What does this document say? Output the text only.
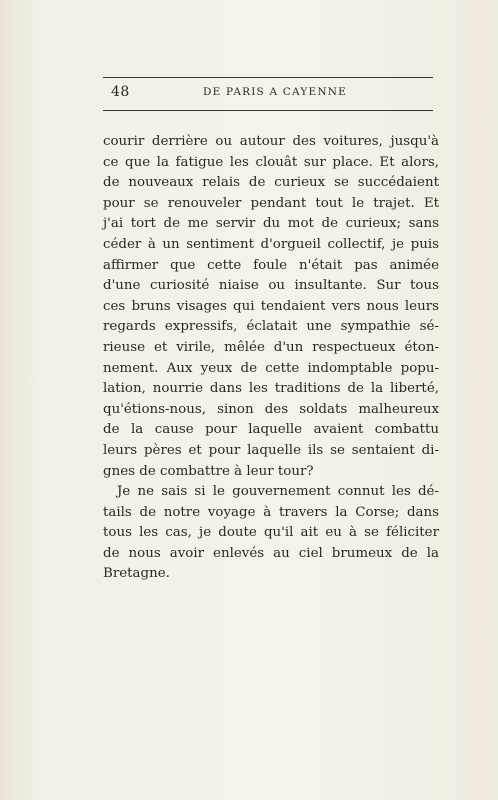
48	DE PARIS A CAYENNE
courir derrière ou autour des voitures, jusqu'à
ce que la fatigue les clouât sur place. Et alors,
de nouveaux relais de curieux se succédaient
pour se renouveler pendant tout le trajet. Et
j'ai tort de me servir du mot de curieux; sans
céder à un sentiment d'orgueil collectif, je puis
affirmer que cette foule n'était pas animée
d'une curiosité niaise ou insultante. Sur tous
ces bruns visages qui tendaient vers nous leurs
regards expressifs, éclatait une sympathie sé-
rieuse et virile, mêlée d'un respectueux éton-
nement. Aux yeux de cette indomptable popu-
lation, nourrie dans les traditions de la liberté,
qu'étions-nous, sinon des soldats malheureux
de la cause pour laquelle avaient combattu
leurs pères et pour laquelle ils se sentaient di-
gnes de combattre à leur tour?
Je ne sais si le gouvernement connut les dé-
tails de notre voyage à travers la Corse; dans
tous les cas, je doute qu'il ait eu à se féliciter
de nous avoir enlevés au ciel brumeux de la
Bretagne.
